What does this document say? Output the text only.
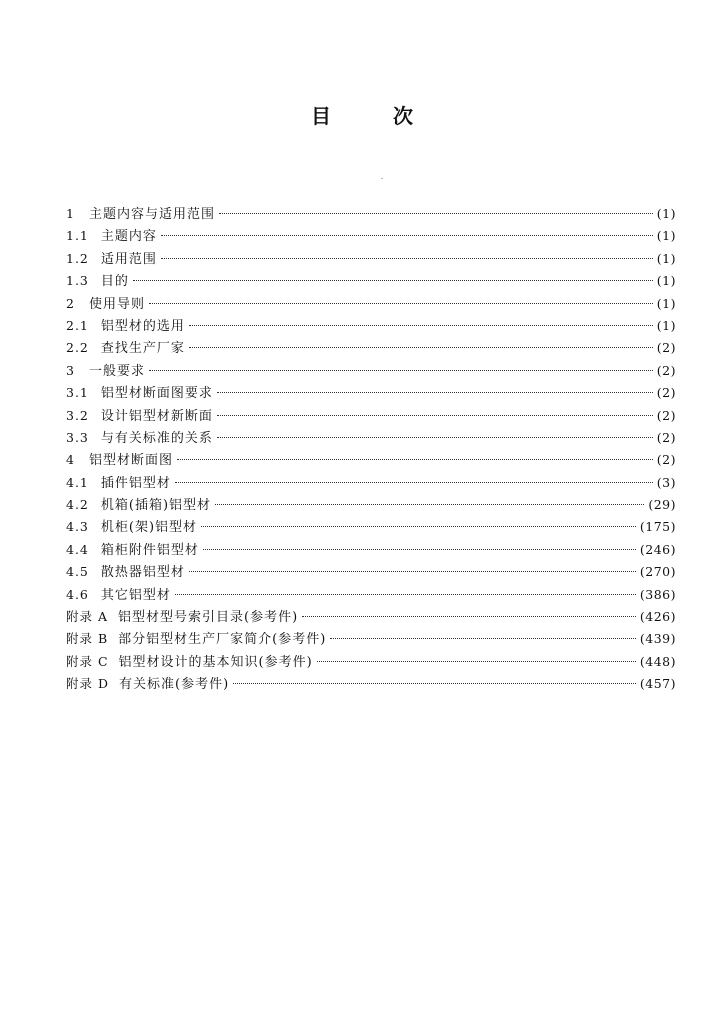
目次
1 主题内容与适用范围	(1)
1.1 主题内容	(1)
1.2 适用范围	(1)
1.3 目的	(1)
2 使用导则	(1)
2.1 铝型材的选用	(1)
2.2 查找生产厂家	(2)
3 一般要求	(2)
3.1 铝型材断面图要求	(2)
3.2 设计铝型材新断面	(2)
3.3 与有关标准的关系	(2)
4 铝型材断面图	(2)
4.1 插件铝型材	(3)
4.2 机箱(插箱)铝型材	(29)
4.3 机柜(架)铝型材	(175)
4.4 箱柜附件铝型材	(246)
4.5 散热器铝型材	(270)
4.6 其它铝型材	(386)
附录 A 铝型材型号索引目录(参考件)	(426)
附录 B 部分铝型材生产厂家简介(参考件)	(439)
附录 C 铝型材设计的基本知识(参考件)	(448)
附录 D 有关标准(参考件)	(457)
